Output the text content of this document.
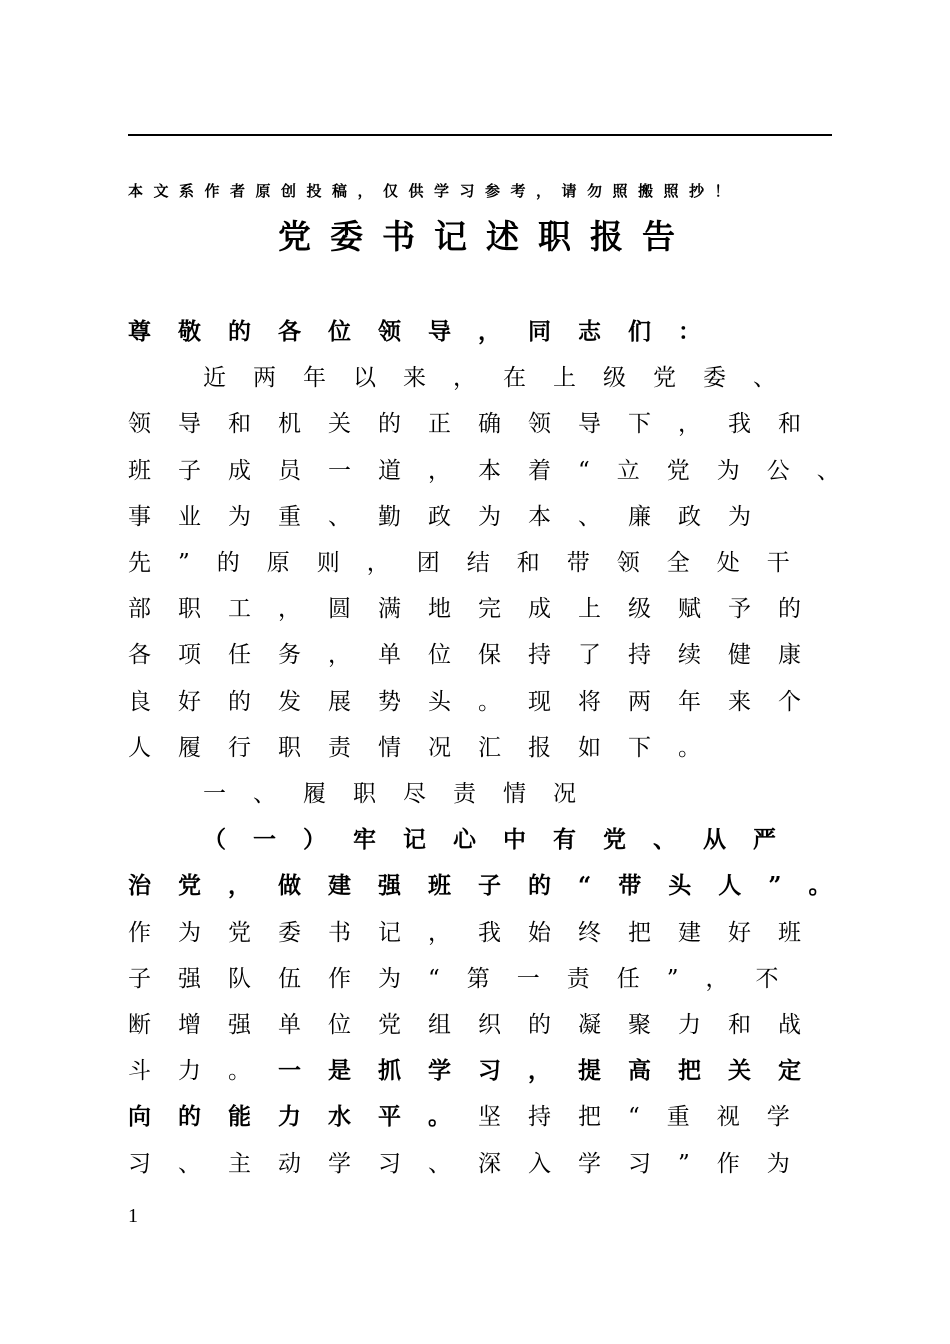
本文系作者原创投稿，仅供学习参考，请勿照搬照抄！
党委书记述职报告
尊敬的各位领导，同志们：
近两年以来，在上级党委、
领导和机关的正确领导下，我和
班子成员一道，本着“立党为公、
事业为重、勤政为本、廉政为
先”的原则，团结和带领全处干
部职工，圆满地完成上级赋予的
各项任务，单位保持了持续健康
良好的发展势头。现将两年来个
人履行职责情况汇报如下。
一、履职尽责情况
（一）牢记心中有党、从严
治党，做建强班子的“带头人”。
作为党委书记，我始终把建好班
子强队伍作为“第一责任”，不
断增强单位党组织的凝聚力和战
斗力。一是抓学习，提高把关定
向的能力水平。坚持把“重视学
习、主动学习、深入学习”作为
1
